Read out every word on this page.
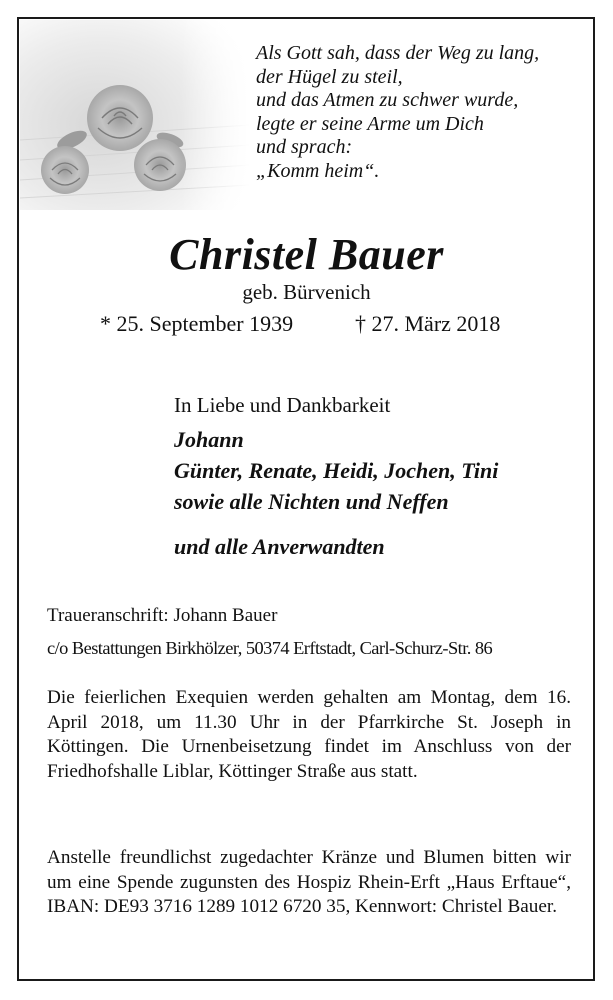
Als Gott sah, dass der Weg zu lang,
der Hügel zu steil,
und das Atmen zu schwer wurde,
legte er seine Arme um Dich
und sprach:
„Komm heim“.
Christel Bauer
geb. Bürvenich
* 25. September 1939	† 27. März 2018
In Liebe und Dankbarkeit
Johann
Günter, Renate, Heidi, Jochen, Tini
sowie alle Nichten und Neffen
und alle Anverwandten
Traueranschrift: Johann Bauer
c/o Bestattungen Birkhölzer, 50374 Erftstadt, Carl-Schurz-Str. 86
Die feierlichen Exequien werden gehalten am Montag, dem 16. April 2018, um 11.30 Uhr in der Pfarrkirche St. Joseph in Köttingen. Die Urnenbeisetzung findet im Anschluss von der Friedhofshalle Liblar, Köttinger Straße aus statt.
Anstelle freundlichst zugedachter Kränze und Blumen bitten wir um eine Spende zugunsten des Hospiz Rhein-Erft „Haus Erftaue“, IBAN: DE93 3716 1289 1012 6720 35, Kennwort: Christel Bauer.
